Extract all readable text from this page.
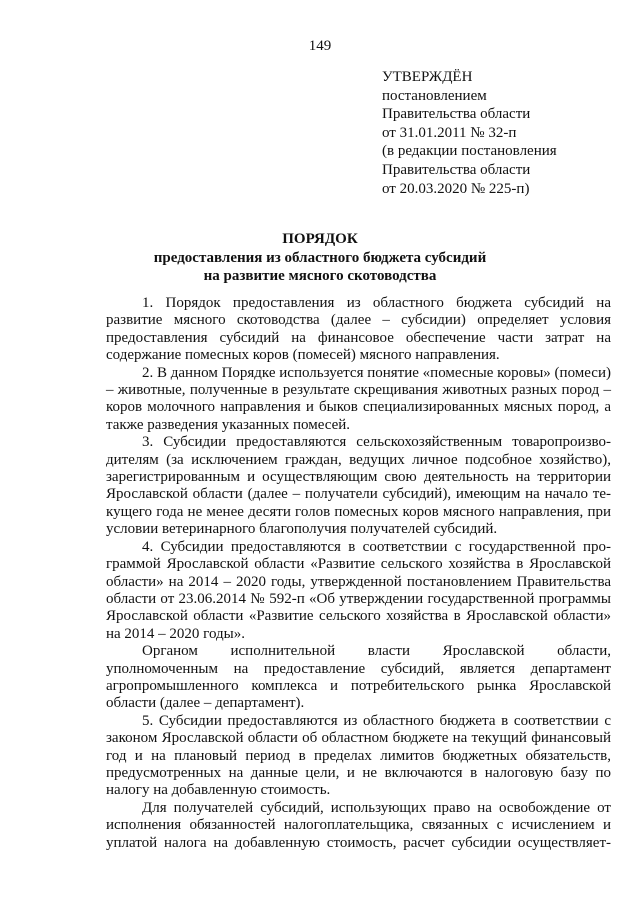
149
УТВЕРЖДЁН
постановлением
Правительства области
от 31.01.2011 № 32-п
(в редакции постановления
Правительства области
от 20.03.2020 № 225-п)
ПОРЯДОК
предоставления из областного бюджета субсидий
на развитие мясного скотоводства

1. Порядок предоставления из областного бюджета субсидий на развитие мясного скотоводства (далее – субсидии) определяет условия предоставления субсидий на финансовое обеспечение части затрат на содержание помесных коров (помесей) мясного направления.

2. В данном Порядке используется понятие «помесные коровы» (помеси) – животные, полученные в результате скрещивания животных разных пород – коров молочного направления и быков специализированных мясных пород, а также разведения указанных помесей.

3. Субсидии предоставляются сельскохозяйственным товаропроизводителям (за исключением граждан, ведущих личное подсобное хозяйство), зарегистрированным и осуществляющим свою деятельность на территории Ярославской области (далее – получатели субсидий), имеющим на начало текущего года не менее десяти голов помесных коров мясного направления, при условии ветеринарного благополучия получателей субсидий.

4. Субсидии предоставляются в соответствии с государственной программой Ярославской области «Развитие сельского хозяйства в Ярославской области» на 2014 – 2020 годы, утвержденной постановлением Правительства области от 23.06.2014 № 592-п «Об утверждении государственной программы Ярославской области «Развитие сельского хозяйства в Ярославской области» на 2014 – 2020 годы».

Органом исполнительной власти Ярославской области, уполномоченным на предоставление субсидий, является департамент агропромышленного комплекса и потребительского рынка Ярославской области (далее – департамент).

5. Субсидии предоставляются из областного бюджета в соответствии с законом Ярославской области об областном бюджете на текущий финансовый год и на плановый период в пределах лимитов бюджетных обязательств, предусмотренных на данные цели, и не включаются в налоговую базу по налогу на добавленную стоимость.

Для получателей субсидий, использующих право на освобождение от исполнения обязанностей налогоплательщика, связанных с исчислением и уплатой налога на добавленную стоимость, расчет субсидии осуществляет-
